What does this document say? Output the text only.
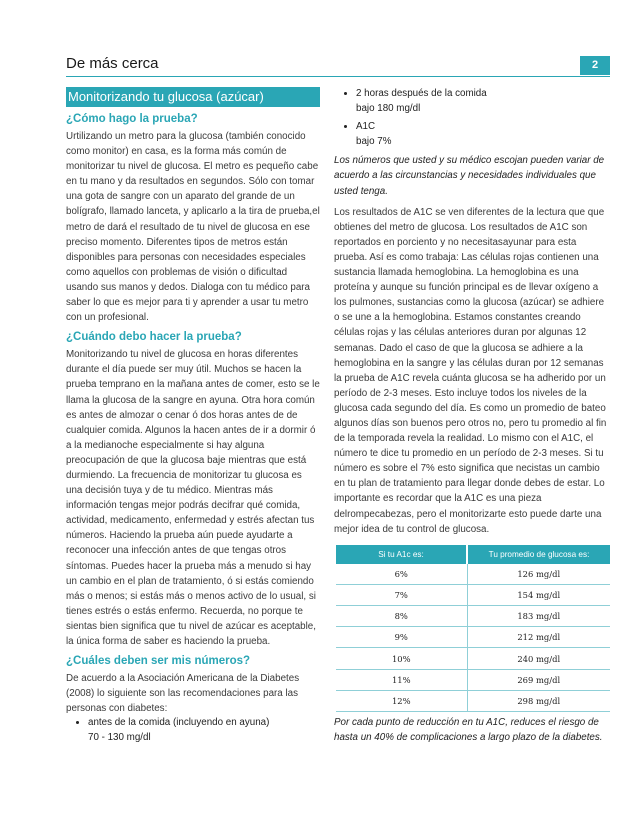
De más cerca	2
Monitorizando tu glucosa (azúcar)
¿Cómo hago la prueba?

Urtilizando un metro para la glucosa (también conocido como monitor) en casa, es la forma más común de monitorizar tu nivel de glucosa. El metro es pequeño cabe en tu mano y da resultados en segundos. Sólo con tomar una gota de sangre con un aparato del grande de un bolígrafo, llamado lanceta, y aplicarlo a la tira de prueba,el metro de dará el resultado de tu nivel de glucosa en ese preciso momento. Diferentes tipos de metros están disponibles para personas con necesidades especiales como aquellos con problemas de visión o dificultad usando sus manos y dedos. Dialoga con tu médico para saber lo que es mejor para ti y aprender a usar tu metro con un profesional.

¿Cuándo debo hacer la prueba?

Monitorizando tu nivel de glucosa en horas diferentes durante el día puede ser muy útil. Muchos se hacen la prueba temprano en la mañana antes de comer, esto se le llama la glucosa de la sangre en ayuna. Otra hora común es antes de almozar o cenar ó dos horas antes de de cualquier comida. Algunos la hacen antes de ir a dormir ó a la medianoche especialmente si hay alguna preocupación de que la glucosa baje mientras que está durmiendo. La frecuencia de monitorizar tu glucosa es una decisión tuya y de tu médico. Mientras más información tengas mejor podrás decifrar qué comida, actividad, medicamento, enfermedad y estrés afectan tus números. Haciendo la prueba aún puede ayudarte a reconocer una infección antes de que tengas otros síntomas. Puedes hacer la prueba más a menudo si hay un cambio en el plan de tratamiento, ó si estás comiendo más o menos; si estás más o menos activo de lo usual, si tienes estrés o estás enfermo. Recuerda, no porque te sientas bien significa que tu nivel de azúcar es aceptable, la única forma de saber es haciendo la prueba.

¿Cuáles deben ser mis números?

De acuerdo a la Asociación Americana de la Diabetes (2008) lo siguiente son las recomendaciones para las personas con diabetes:

• antes de la comida (incluyendo en ayuna)

70 - 130 mg/dl
• 2 horas después de la comida

bajo 180 mg/dl
• A1C

bajo 7%

Los números que usted y su médico escojan pueden variar de acuerdo a las circunstancias y necesidades individuales que usted tenga.

Los resultados de A1C se ven diferentes de la lectura que que obtienes del metro de glucosa. Los resultados de A1C son reportados en porciento y no necesitasayunar para esta prueba. Así es como trabaja: Las células rojas contienen una sustancia llamada hemoglobina. La hemoglobina es una proteína y aunque su función principal es de llevar oxígeno a los pulmones, sustancias como la glucosa (azúcar) se adhiere o se une a la hemoglobina. Estamos constantes creando células rojas y las células anteriores duran por algunas 12 semanas. Dado el caso de que la glucosa se adhiere a la hemoglobina en la sangre y las células duran por 12 semanas la prueba de A1C revela cuánta glucosa se ha adherido por un período de 2-3 meses. Esto incluye todos los niveles de la glucosa cada segundo del día. Es como un promedio de bateo algunos días son buenos pero otros no, pero tu promedio al fin de la temporada revela la realidad. Lo mismo con el A1C, el número te dice tu promedio en un período de 2-3 meses. Si tu número es sobre el 7% esto significa que necistas un cambio en tu plan de tratamiento para llegar donde debes de estar. Lo importante es recordar que la A1C es una pieza delrompecabezas, pero el monitorizarte esto puede darte una mejor idea de tu control de glucosa.

Si tu A1c es:	Tu promedio de glucosa es:
6%	126 mg/dl
7%	154 mg/dl
8%	183 mg/dl
9%	212 mg/dl
10%	240 mg/dl
11%	269 mg/dl
12%	298 mg/dl

Por cada punto de reducción en tu A1C, reduces el riesgo de hasta un 40% de complicaciones a largo plazo de la diabetes.
